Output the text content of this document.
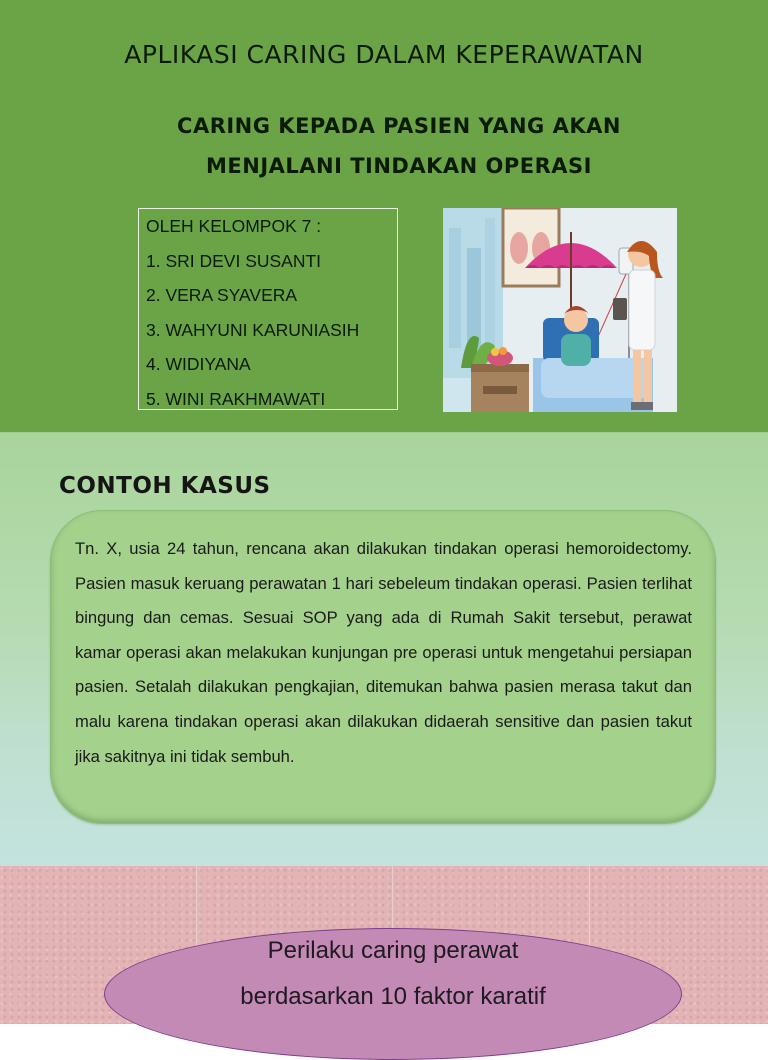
APLIKASI CARING DALAM KEPERAWATAN
CARING KEPADA PASIEN YANG AKAN
MENJALANI TINDAKAN OPERASI
OLEH KELOMPOK 7 :
1. SRI DEVI SUSANTI
2. VERA SYAVERA
3. WAHYUNI KARUNIASIH
4. WIDIYANA
5. WINI RAKHMAWATI
CONTOH KASUS
Tn. X, usia 24 tahun, rencana akan dilakukan tindakan operasi hemoroidectomy. Pasien masuk keruang perawatan 1 hari sebeleum tindakan operasi. Pasien terlihat bingung dan cemas. Sesuai SOP yang ada di Rumah Sakit tersebut, perawat kamar operasi akan melakukan kunjungan pre operasi untuk mengetahui persiapan pasien. Setalah dilakukan pengkajian, ditemukan bahwa pasien merasa takut dan malu karena tindakan operasi akan dilakukan didaerah sensitive dan pasien takut jika sakitnya ini tidak sembuh.
Perilaku caring perawat
berdasarkan 10 faktor karatif
